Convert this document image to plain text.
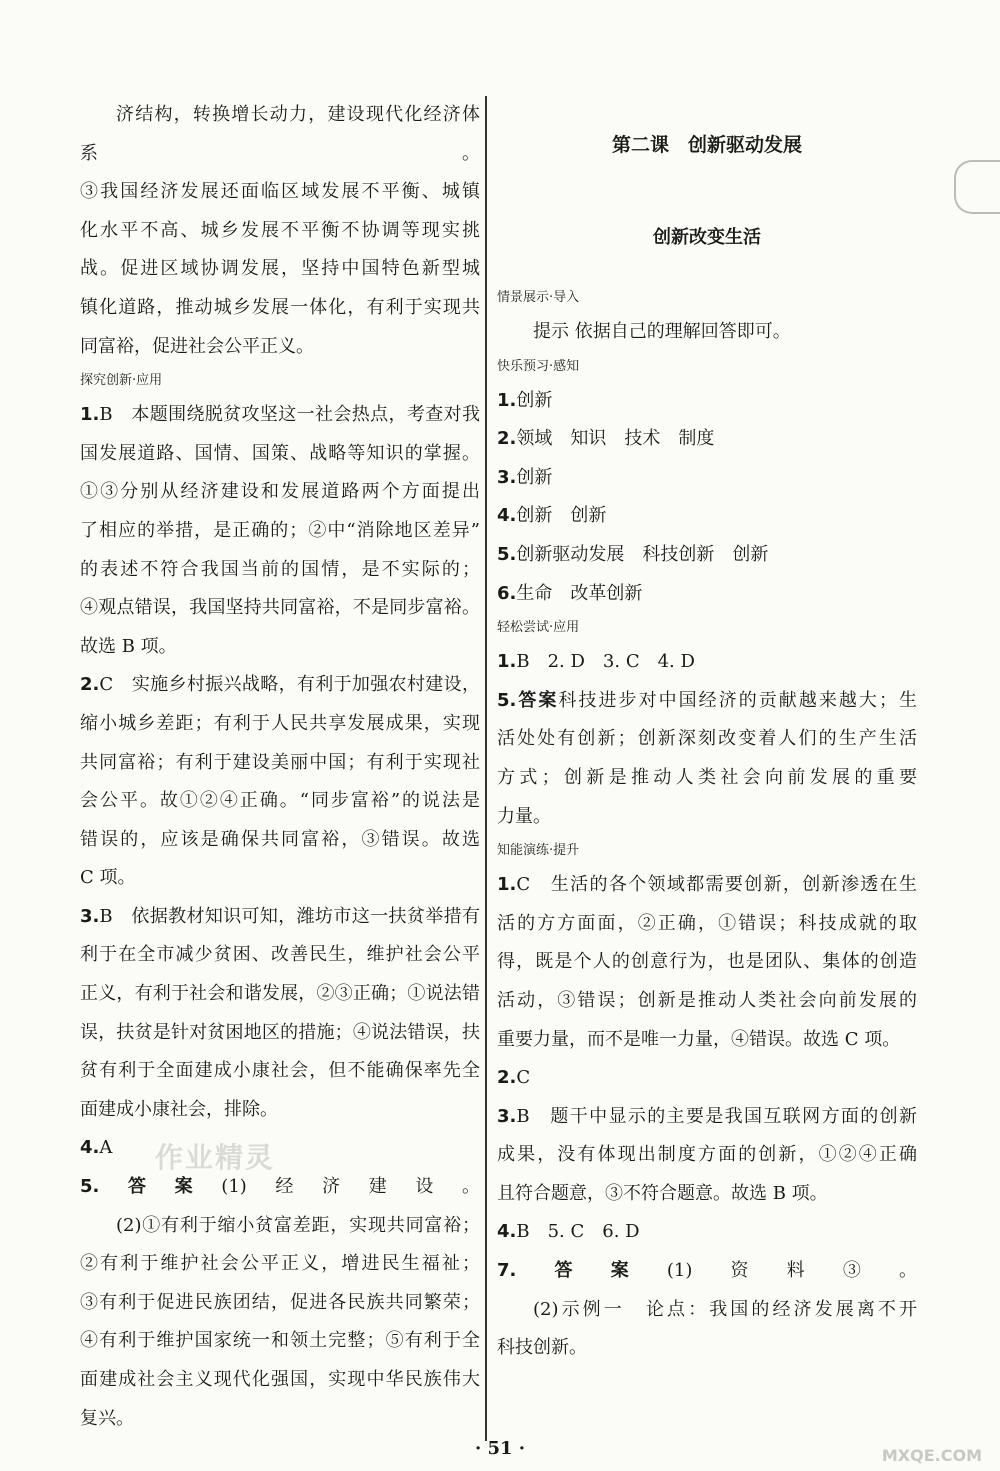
济结构，转换增长动力，建设现代化经济体系。

③我国经济发展还面临区域发展不平衡、城镇

化水平不高、城乡发展不平衡不协调等现实挑

战。促进区域协调发展，坚持中国特色新型城

镇化道路，推动城乡发展一体化，有利于实现共

同富裕，促进社会公平正义。

探究创新·应用

1.B　本题围绕脱贫攻坚这一社会热点，考查对我

国发展道路、国情、国策、战略等知识的掌握。

①③分别从经济建设和发展道路两个方面提出

了相应的举措，是正确的；②中“消除地区差异”

的表述不符合我国当前的国情，是不实际的；

④观点错误，我国坚持共同富裕，不是同步富裕。

故选 B 项。

2.C　实施乡村振兴战略，有利于加强农村建设，

缩小城乡差距；有利于人民共享发展成果，实现

共同富裕；有利于建设美丽中国；有利于实现社

会公平。故①②④正确。“同步富裕”的说法是

错误的，应该是确保共同富裕，③错误。故选

C 项。

3.B　依据教材知识可知，潍坊市这一扶贫举措有

利于在全市减少贫困、改善民生，维护社会公平

正义，有利于社会和谐发展，②③正确；①说法错

误，扶贫是针对贫困地区的措施；④说法错误，扶

贫有利于全面建成小康社会，但不能确保率先全

面建成小康社会，排除。

4.A

5.答案(1)经济建设。

(2)①有利于缩小贫富差距，实现共同富裕；

②有利于维护社会公平正义，增进民生福祉；

③有利于促进民族团结，促进各民族共同繁荣；

④有利于维护国家统一和领土完整；⑤有利于全

面建成社会主义现代化强国，实现中华民族伟大

复兴。

第二课　创新驱动发展

创新改变生活

情景展示·导入

提示 依据自己的理解回答即可。

快乐预习·感知

1.创新

2.领域　知识　技术　制度

3.创新

4.创新　创新

5.创新驱动发展　科技创新　创新

6.生命　改革创新

轻松尝试·应用

1.B　2. D　3. C　4. D

5.答案科技进步对中国经济的贡献越来越大；生

活处处有创新；创新深刻改变着人们的生产生活

方式；创新是推动人类社会向前发展的重要

力量。

知能演练·提升

1.C　生活的各个领域都需要创新，创新渗透在生

活的方方面面，②正确，①错误；科技成就的取

得，既是个人的创意行为，也是团队、集体的创造

活动，③错误；创新是推动人类社会向前发展的

重要力量，而不是唯一力量，④错误。故选 C 项。

2.C

3.B　题干中显示的主要是我国互联网方面的创新

成果，没有体现出制度方面的创新，①②④正确

且符合题意，③不符合题意。故选 B 项。

4.B　5. C　6. D

7.答案(1)资料③。

(2)示例一　论点：我国的经济发展离不开

科技创新。

作业精灵
MXQE.COM
· 51 ·
